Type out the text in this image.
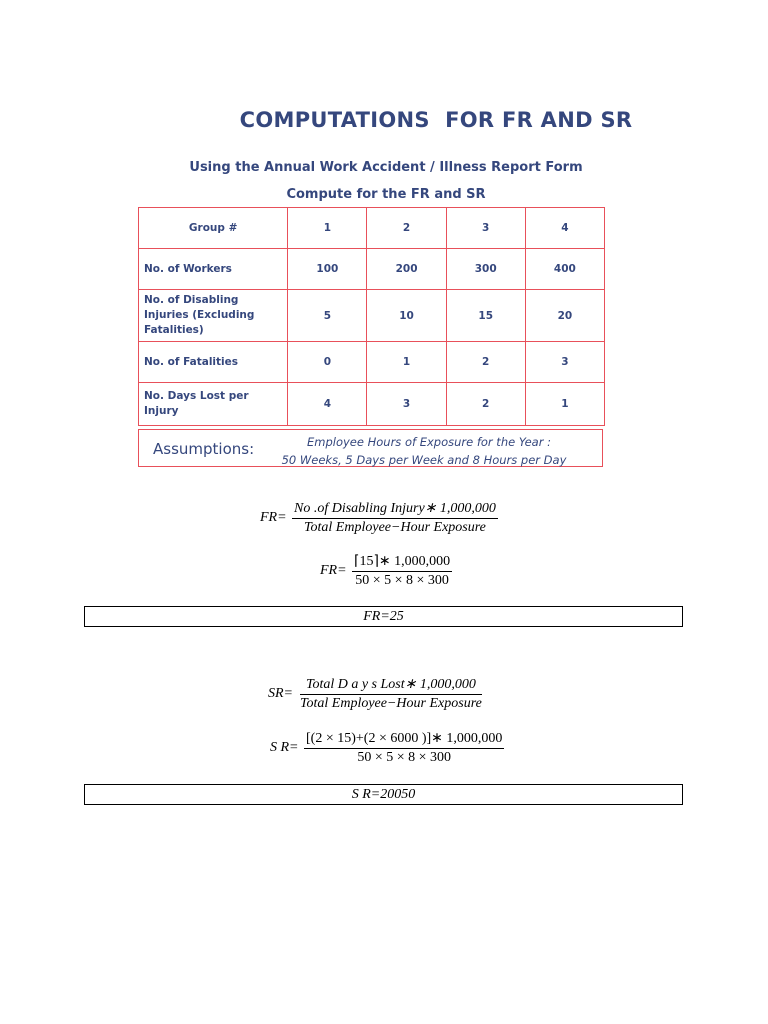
COMPUTATIONS  FOR FR AND SR
Using the Annual Work Accident / Illness Report Form
Compute for the FR and SR
Group #	1	2	3	4
No. of Workers	100	200	300	400
No. of Disabling Injuries (Excluding Fatalities)	5	10	15	20
No. of Fatalities	0	1	2	3
No. Days Lost per Injury	4	3	2	1
Assumptions:	Employee Hours of Exposure for the Year :
50 Weeks, 5 Days per Week and 8 Hours per Day
FR=
No .of Disabling Injury∗ 1,000,000
Total Employee−Hour Exposure
$FR= \frac{⌈15⌉∗ 1,000,000}{50 \times 5 \times 8 \times 300}$
FR=25
SR=
Total D a y s Lost∗ 1,000,000
Total Employee−Hour Exposure
S $R= \frac{[(2 \times 15)+(2 \times 6000 )]∗ 1,000,000}{50 \times 5 \times 8 \times 300}$
S R=20050
